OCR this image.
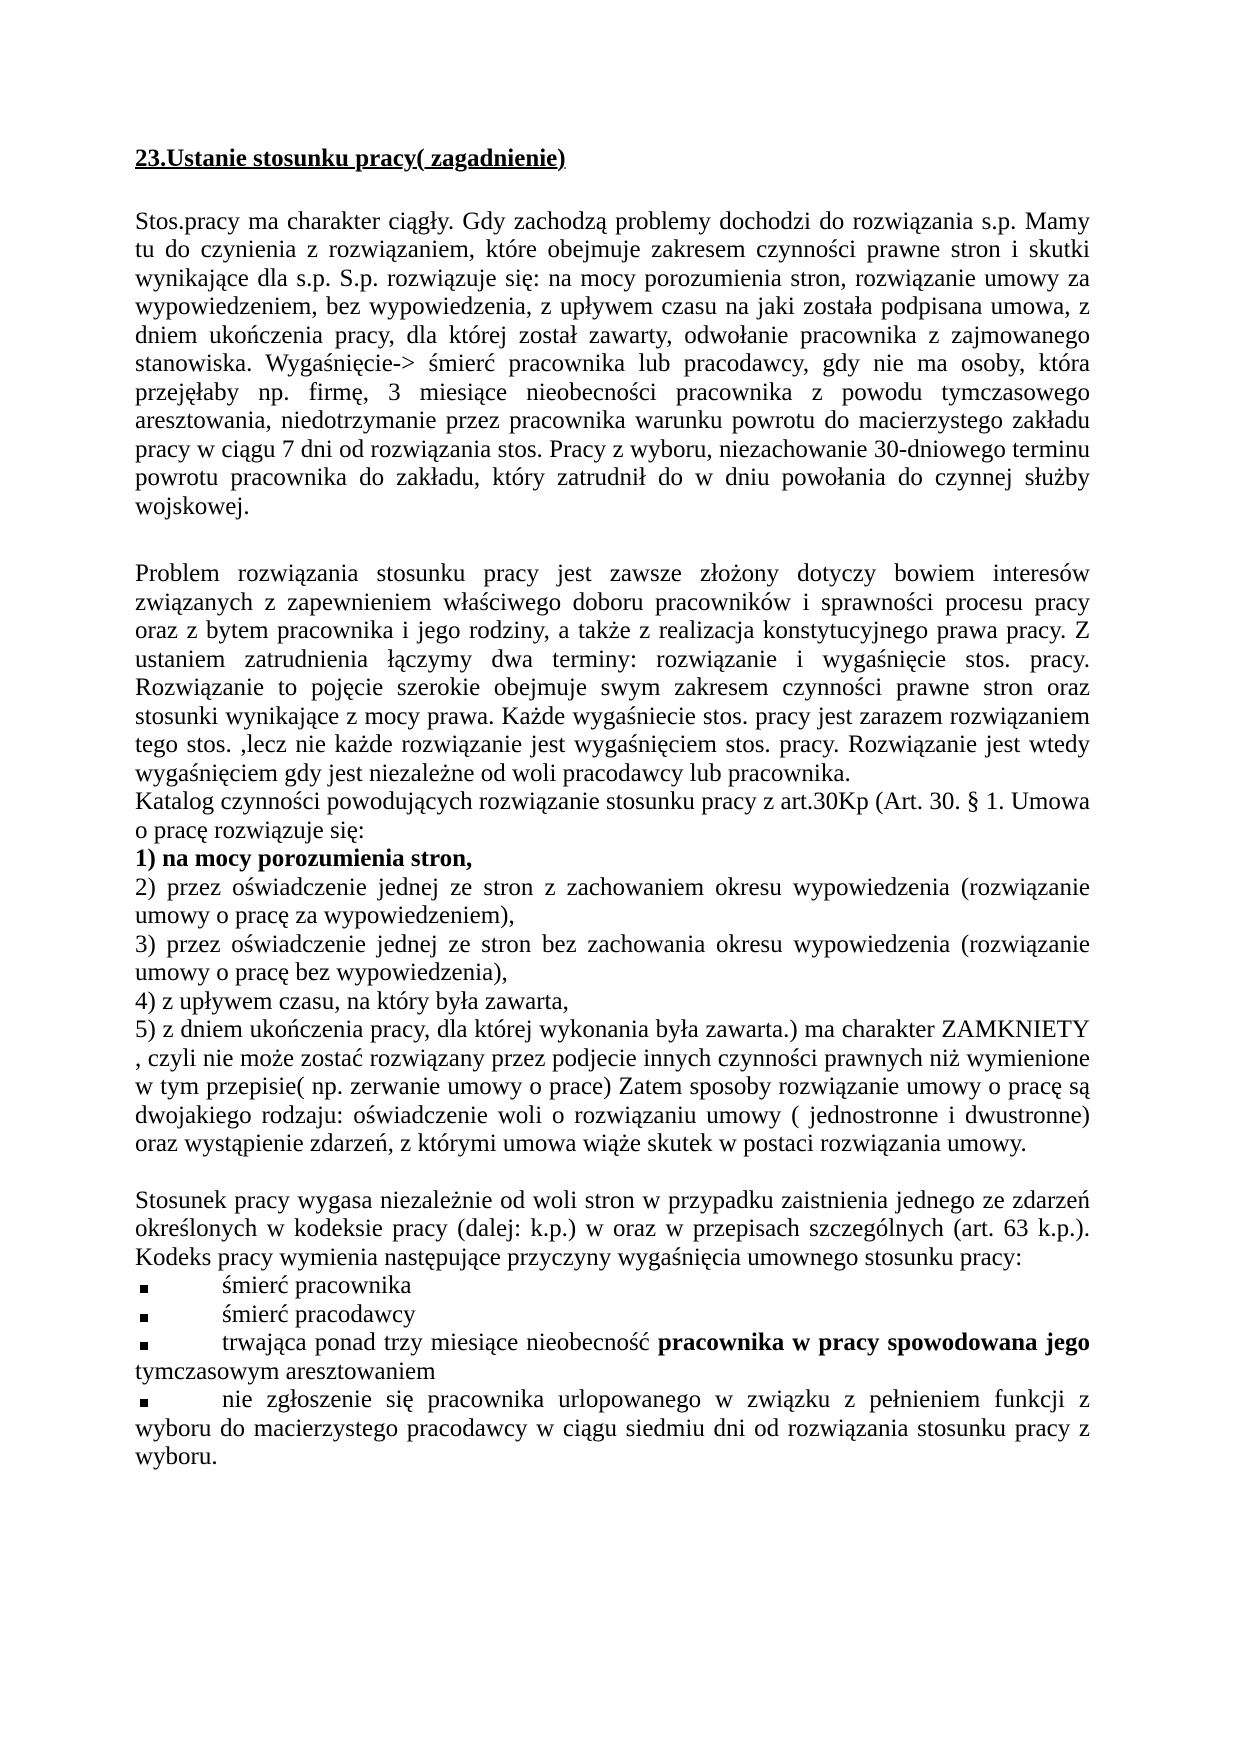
23.Ustanie stosunku pracy( zagadnienie)

Stos.pracy ma charakter ciągły. Gdy zachodzą problemy dochodzi do rozwiązania s.p. Mamy tu do czynienia z rozwiązaniem, które obejmuje zakresem czynności prawne stron i skutki wynikające dla s.p. S.p. rozwiązuje się: na mocy porozumienia stron, rozwiązanie umowy za wypowiedzeniem, bez wypowiedzenia, z upływem czasu na jaki została podpisana umowa, z dniem ukończenia pracy, dla której został zawarty, odwołanie pracownika z zajmowanego stanowiska. Wygaśnięcie-> śmierć pracownika lub pracodawcy, gdy nie ma osoby, która przejęłaby np. firmę, 3 miesiące nieobecności pracownika z powodu tymczasowego aresztowania, niedotrzymanie przez pracownika warunku powrotu do macierzystego zakładu pracy w ciągu 7 dni od rozwiązania stos. Pracy z wyboru, niezachowanie 30-dniowego terminu powrotu pracownika do zakładu, który zatrudnił do w dniu powołania do czynnej służby wojskowej.

Problem rozwiązania stosunku pracy jest zawsze złożony dotyczy bowiem interesów związanych z zapewnieniem właściwego doboru pracowników i sprawności procesu pracy oraz z bytem pracownika i jego rodziny, a także z realizacja konstytucyjnego prawa pracy. Z ustaniem zatrudnienia łączymy dwa terminy: rozwiązanie i wygaśnięcie stos. pracy. Rozwiązanie to pojęcie szerokie obejmuje swym zakresem czynności prawne stron oraz stosunki wynikające z mocy prawa. Każde wygaśniecie stos. pracy jest zarazem rozwiązaniem tego stos. ,lecz nie każde rozwiązanie jest wygaśnięciem stos. pracy. Rozwiązanie jest wtedy wygaśnięciem gdy jest niezależne od woli pracodawcy lub pracownika.

Katalog czynności powodujących rozwiązanie stosunku pracy z art.30Kp (Art. 30. § 1. Umowa o pracę rozwiązuje się:

1) na mocy porozumienia stron,

2) przez oświadczenie jednej ze stron z zachowaniem okresu wypowiedzenia (rozwiązanie umowy o pracę za wypowiedzeniem),

3) przez oświadczenie jednej ze stron bez zachowania okresu wypowiedzenia (rozwiązanie umowy o pracę bez wypowiedzenia),

4) z upływem czasu, na który była zawarta,

5) z dniem ukończenia pracy, dla której wykonania była zawarta.) ma charakter ZAMKNIETY , czyli nie może zostać rozwiązany przez podjecie innych czynności prawnych niż wymienione w tym przepisie( np. zerwanie umowy o prace) Zatem sposoby rozwiązanie umowy o pracę są dwojakiego rodzaju: oświadczenie woli o rozwiązaniu umowy ( jednostronne i dwustronne) oraz wystąpienie zdarzeń, z którymi umowa wiąże skutek w postaci rozwiązania umowy.

Stosunek pracy wygasa niezależnie od woli stron w przypadku zaistnienia jednego ze zdarzeń określonych w kodeksie pracy (dalej: k.p.) w oraz w przepisach szczególnych (art. 63 k.p.). Kodeks pracy wymienia następujące przyczyny wygaśnięcia umownego stosunku pracy:

śmierć pracownika

śmierć pracodawcy

trwająca ponad trzy miesiące nieobecność pracownika w pracy spowodowana jego tymczasowym aresztowaniem

nie zgłoszenie się pracownika urlopowanego w związku z pełnieniem funkcji z wyboru do macierzystego pracodawcy w ciągu siedmiu dni od rozwiązania stosunku pracy z wyboru.
